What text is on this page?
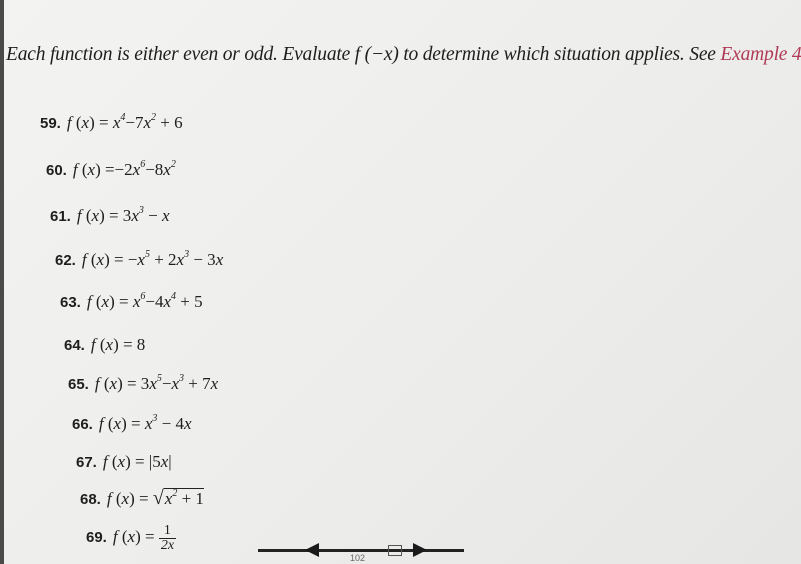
Each function is either even or odd. Evaluate f (−x) to determine which situation applies. See Example 4
59. f $(x) = x^4-7x^2 + 6$
60. f $(x) =-2x^6-8x^2$
61. f $(x) = 3x^3 - x$
62. f $(x) = -x^5 + 2x^3 - 3x$
63. f $(x) = x^6-4x^4 + 5$
64. f (x) = 8
65. f $(x) = 3x^5-x^3 + 7x$
66. f $(x) = x^3 - 4x$
67. f (x) = |5x|
68. f $(x) = √x^2 + 1$
69. f $(x) = \frac{1}{2x}$
102
